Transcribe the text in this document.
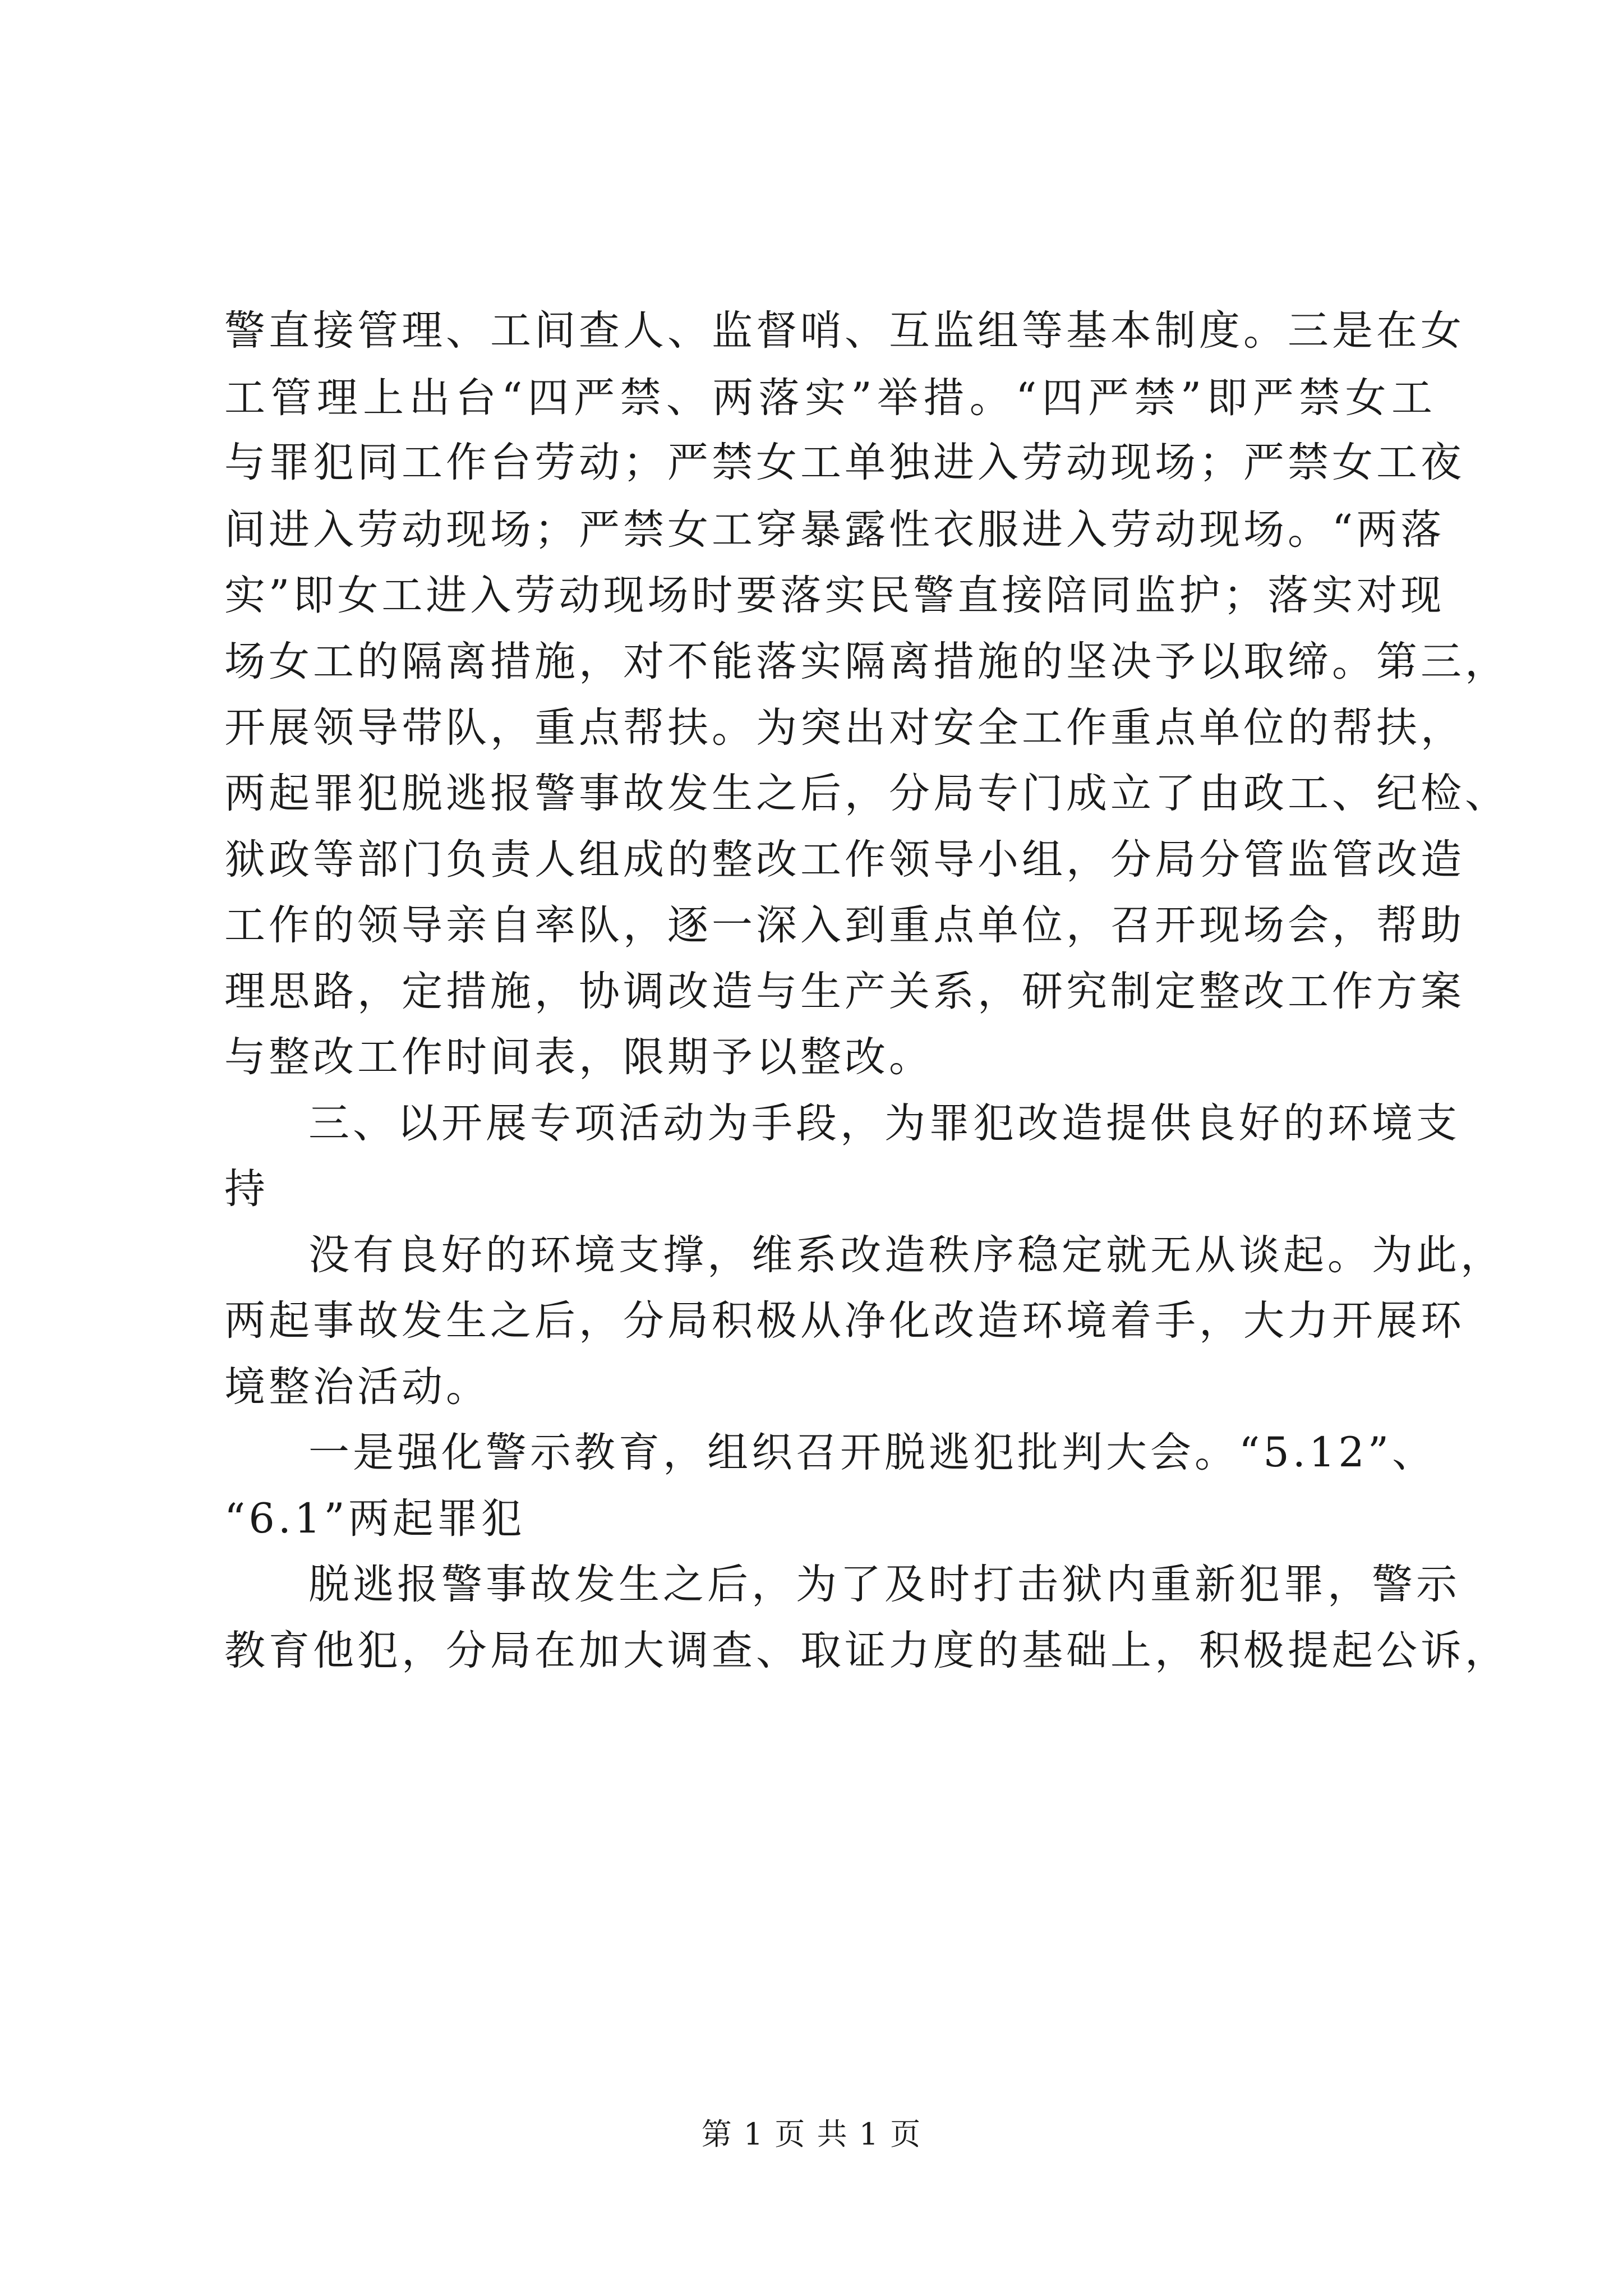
警直接管理、工间查人、监督哨、互监组等基本制度。三是在女
工管理上出台“四严禁、两落实”举措。“四严禁”即严禁女工
与罪犯同工作台劳动；严禁女工单独进入劳动现场；严禁女工夜
间进入劳动现场；严禁女工穿暴露性衣服进入劳动现场。“两落
实”即女工进入劳动现场时要落实民警直接陪同监护；落实对现
场女工的隔离措施，对不能落实隔离措施的坚决予以取缔。第三，
开展领导带队，重点帮扶。为突出对安全工作重点单位的帮扶，
两起罪犯脱逃报警事故发生之后，分局专门成立了由政工、纪检、
狱政等部门负责人组成的整改工作领导小组，分局分管监管改造
工作的领导亲自率队，逐一深入到重点单位，召开现场会，帮助
理思路，定措施，协调改造与生产关系，研究制定整改工作方案
与整改工作时间表，限期予以整改。
三、以开展专项活动为手段，为罪犯改造提供良好的环境支
持
没有良好的环境支撑，维系改造秩序稳定就无从谈起。为此，
两起事故发生之后，分局积极从净化改造环境着手，大力开展环
境整治活动。
一是强化警示教育，组织召开脱逃犯批判大会。“5.12”、
“6.1”两起罪犯
脱逃报警事故发生之后，为了及时打击狱内重新犯罪，警示
教育他犯，分局在加大调查、取证力度的基础上，积极提起公诉，
第 1 页 共 1 页
